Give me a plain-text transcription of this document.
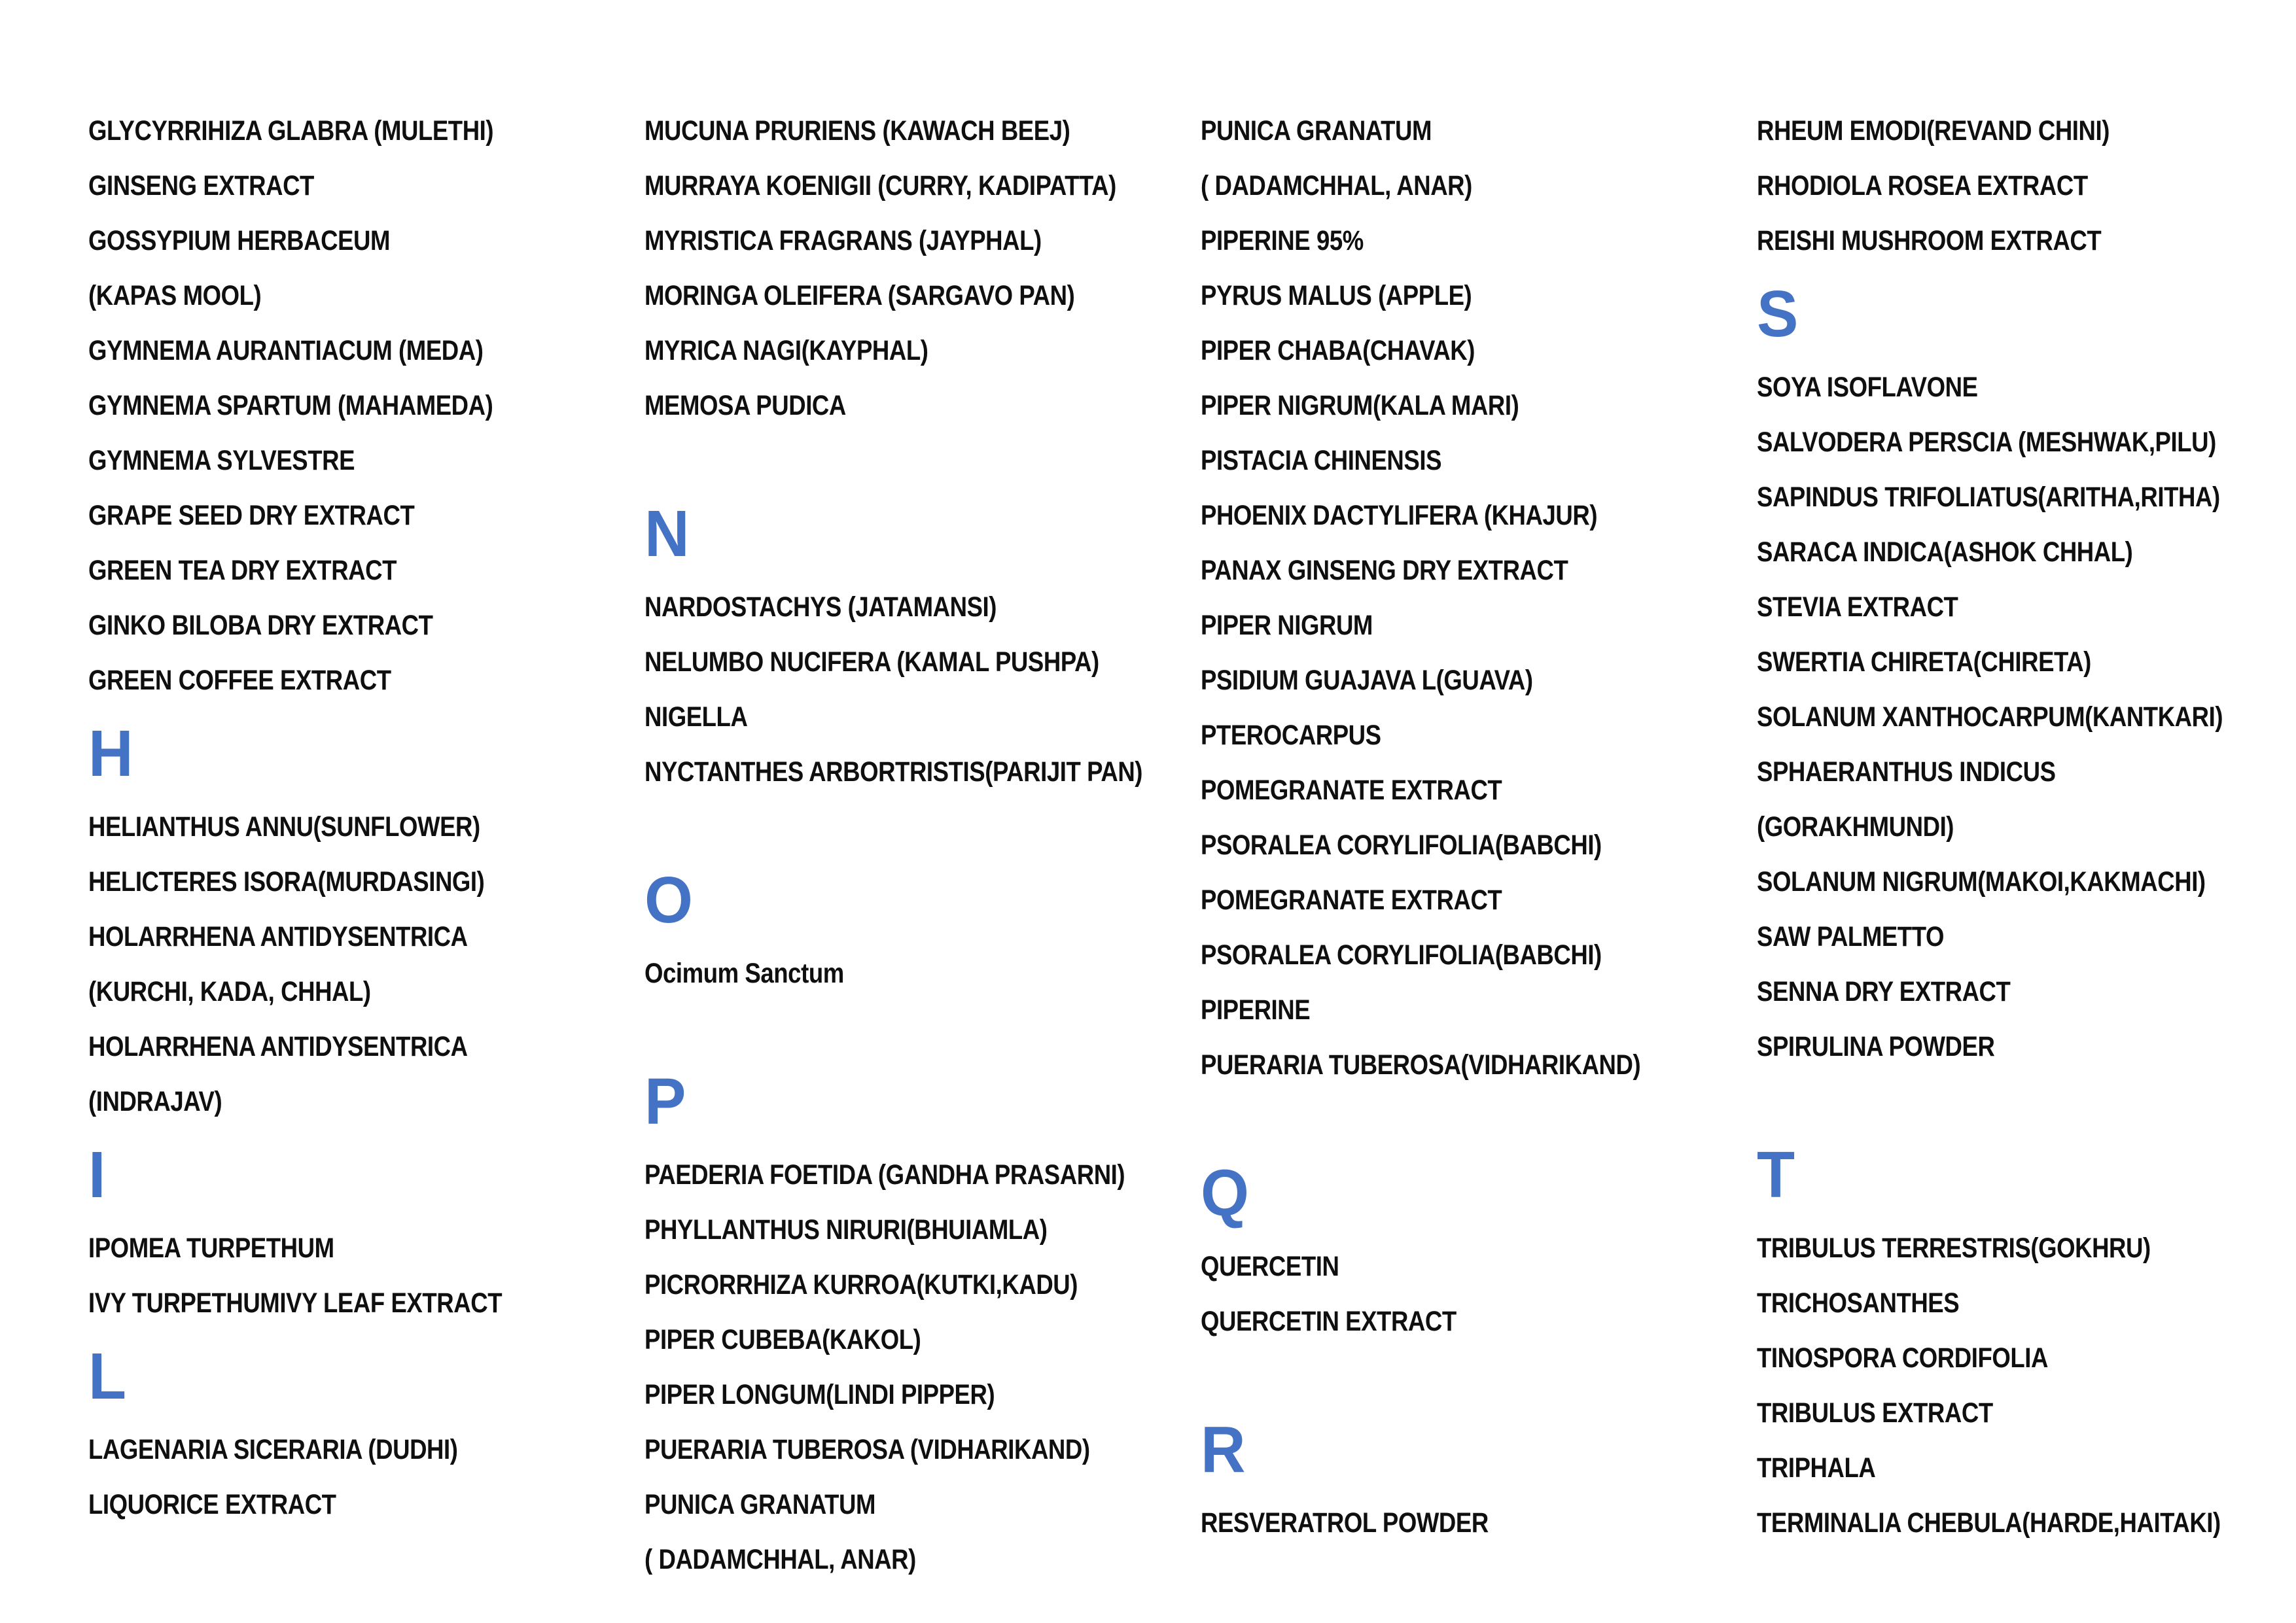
GLYCYRRIHIZA GLABRA (MULETHI)
GINSENG EXTRACT
GOSSYPIUM HERBACEUM
(KAPAS MOOL)
GYMNEMA AURANTIACUM (MEDA)
GYMNEMA SPARTUM (MAHAMEDA)
GYMNEMA SYLVESTRE
GRAPE SEED DRY EXTRACT
GREEN TEA DRY EXTRACT
GINKO BILOBA DRY EXTRACT
GREEN COFFEE EXTRACT
H
HELIANTHUS ANNU(SUNFLOWER)
HELICTERES ISORA(MURDASINGI)
HOLARRHENA ANTIDYSENTRICA
(KURCHI, KADA, CHHAL)
HOLARRHENA ANTIDYSENTRICA
(INDRAJAV)
I
IPOMEA TURPETHUM
IVY TURPETHUMIVY LEAF EXTRACT
L
LAGENARIA SICERARIA (DUDHI)
LIQUORICE EXTRACT
MUCUNA PRURIENS (KAWACH BEEJ)
MURRAYA KOENIGII (CURRY, KADIPATTA)
MYRISTICA FRAGRANS (JAYPHAL)
MORINGA OLEIFERA (SARGAVO PAN)
MYRICA NAGI(KAYPHAL)
MEMOSA PUDICA
N
NARDOSTACHYS (JATAMANSI)
NELUMBO NUCIFERA (KAMAL PUSHPA)
NIGELLA
NYCTANTHES ARBORTRISTIS(PARIJIT PAN)
O
Ocimum Sanctum
P
PAEDERIA FOETIDA (GANDHA PRASARNI)
PHYLLANTHUS NIRURI(BHUIAMLA)
PICRORRHIZA KURROA(KUTKI,KADU)
PIPER CUBEBA(KAKOL)
PIPER LONGUM(LINDI PIPPER)
PUERARIA TUBEROSA (VIDHARIKAND)
PUNICA GRANATUM
( DADAMCHHAL, ANAR)
PUNICA GRANATUM
( DADAMCHHAL, ANAR)
PIPERINE 95%
PYRUS MALUS (APPLE)
PIPER CHABA(CHAVAK)
PIPER NIGRUM(KALA MARI)
PISTACIA CHINENSIS
PHOENIX DACTYLIFERA (KHAJUR)
PANAX GINSENG DRY EXTRACT
PIPER NIGRUM
PSIDIUM GUAJAVA L(GUAVA)
PTEROCARPUS
POMEGRANATE EXTRACT
PSORALEA CORYLIFOLIA(BABCHI)
POMEGRANATE EXTRACT
PSORALEA CORYLIFOLIA(BABCHI)
PIPERINE
PUERARIA TUBEROSA(VIDHARIKAND)
Q
QUERCETIN
QUERCETIN EXTRACT
R
RESVERATROL POWDER
RHEUM EMODI(REVAND CHINI)
RHODIOLA ROSEA EXTRACT
REISHI MUSHROOM EXTRACT
S
SOYA ISOFLAVONE
SALVODERA PERSCIA (MESHWAK,PILU)
SAPINDUS TRIFOLIATUS(ARITHA,RITHA)
SARACA INDICA(ASHOK CHHAL)
STEVIA EXTRACT
SWERTIA CHIRETA(CHIRETA)
SOLANUM XANTHOCARPUM(KANTKARI)
SPHAERANTHUS INDICUS
(GORAKHMUNDI)
SOLANUM NIGRUM(MAKOI,KAKMACHI)
SAW PALMETTO
SENNA DRY EXTRACT
SPIRULINA POWDER
T
TRIBULUS TERRESTRIS(GOKHRU)
TRICHOSANTHES
TINOSPORA CORDIFOLIA
TRIBULUS EXTRACT
TRIPHALA
TERMINALIA CHEBULA(HARDE,HAITAKI)
